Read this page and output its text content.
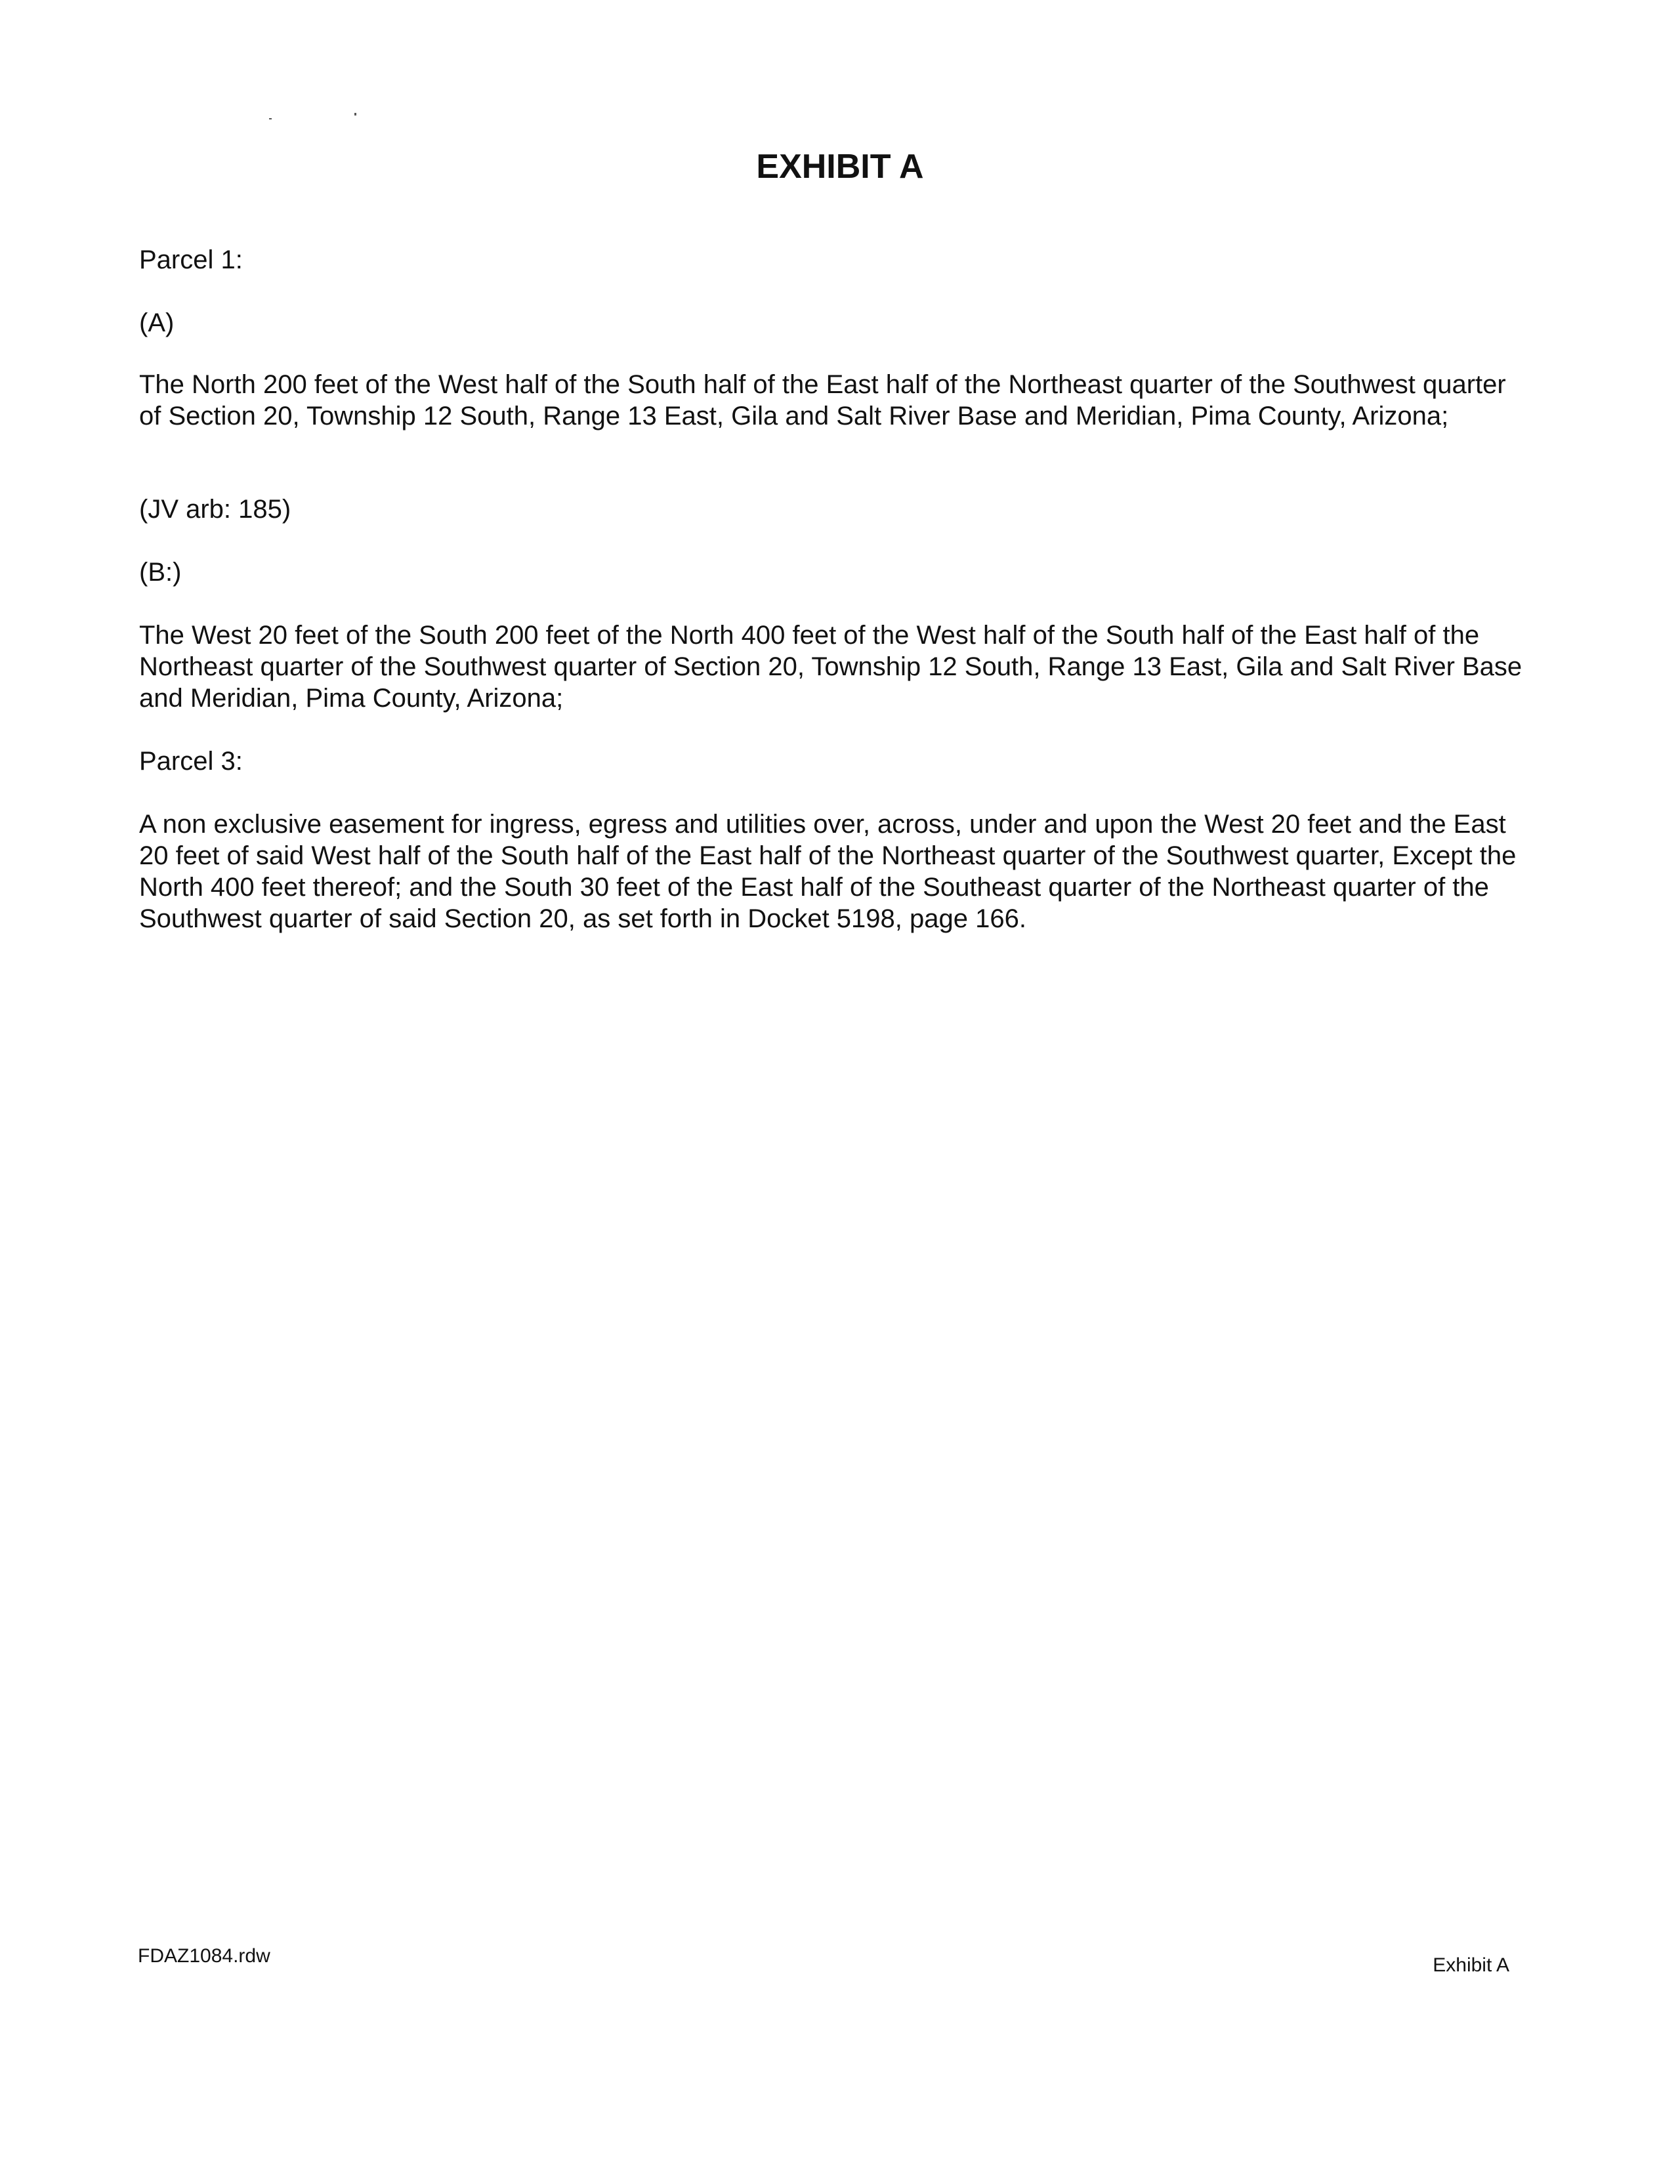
EXHIBIT A
Parcel 1:
(A)
The North 200 feet of the West half of the South half of the East half of the Northeast quarter of the Southwest quarter of Section 20, Township 12 South, Range 13 East, Gila and Salt River Base and Meridian, Pima County, Arizona;
(JV arb: 185)
(B:)
The West 20 feet of the South 200 feet of the North 400 feet of the West half of the South half of the East half of the Northeast quarter of the Southwest quarter of Section 20, Township 12 South, Range 13 East, Gila and Salt River Base and Meridian, Pima County, Arizona;
Parcel 3:
A non exclusive easement for ingress, egress and utilities over, across, under and upon the West 20 feet and the East 20 feet of said West half of the South half of the East half of the Northeast quarter of the Southwest quarter, Except the North 400 feet thereof; and the South 30 feet of the East half of the Southeast quarter of the Northeast quarter of the Southwest quarter of said Section 20, as set forth in Docket 5198, page 166.
FDAZ1084.rdw	Exhibit A
